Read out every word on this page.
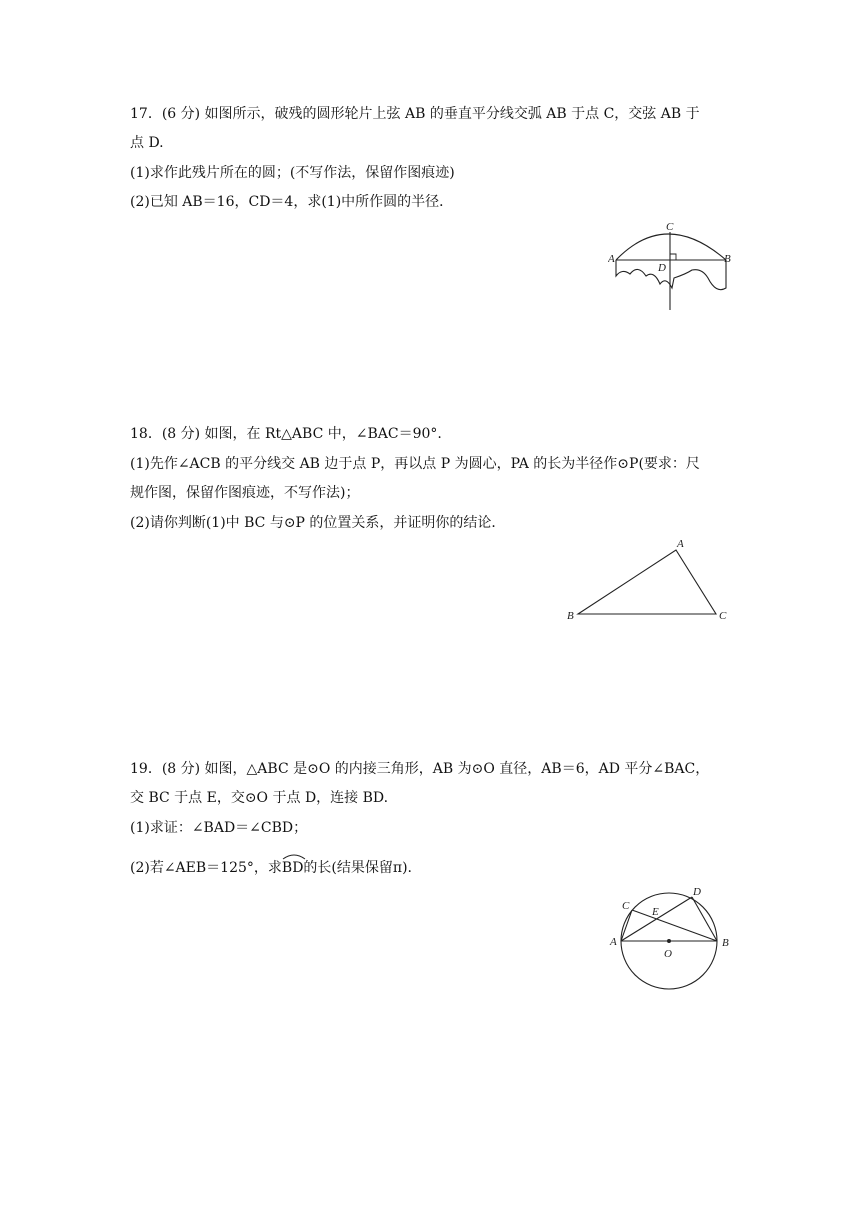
17．(6 分) 如图所示，破残的圆形轮片上弦 AB 的垂直平分线交弧 AB 于点 C，交弦 AB 于
点 D.
(1)求作此残片所在的圆；(不写作法，保留作图痕迹)
(2)已知 AB＝16，CD＝4，求(1)中所作圆的半径．
A	B
C
D
18．(8 分) 如图，在 Rt△ABC 中，∠BAC＝90°.
(1)先作∠ACB 的平分线交 AB 边于点 P，再以点 P 为圆心，PA 的长为半径作⊙P(要求：尺
规作图，保留作图痕迹，不写作法)；
(2)请你判断(1)中 BC 与⊙P 的位置关系，并证明你的结论．
A
B	C
19．(8 分) 如图，△ABC 是⊙O 的内接三角形，AB 为⊙O 直径，AB＝6，AD 平分∠BAC，
交 BC 于点 E，交⊙O 于点 D，连接 BD.
(1)求证：∠BAD＝∠CBD；
(2)若∠AEB＝125°，求
BD的长(结果保留π).
C
D
E
A	B
O
